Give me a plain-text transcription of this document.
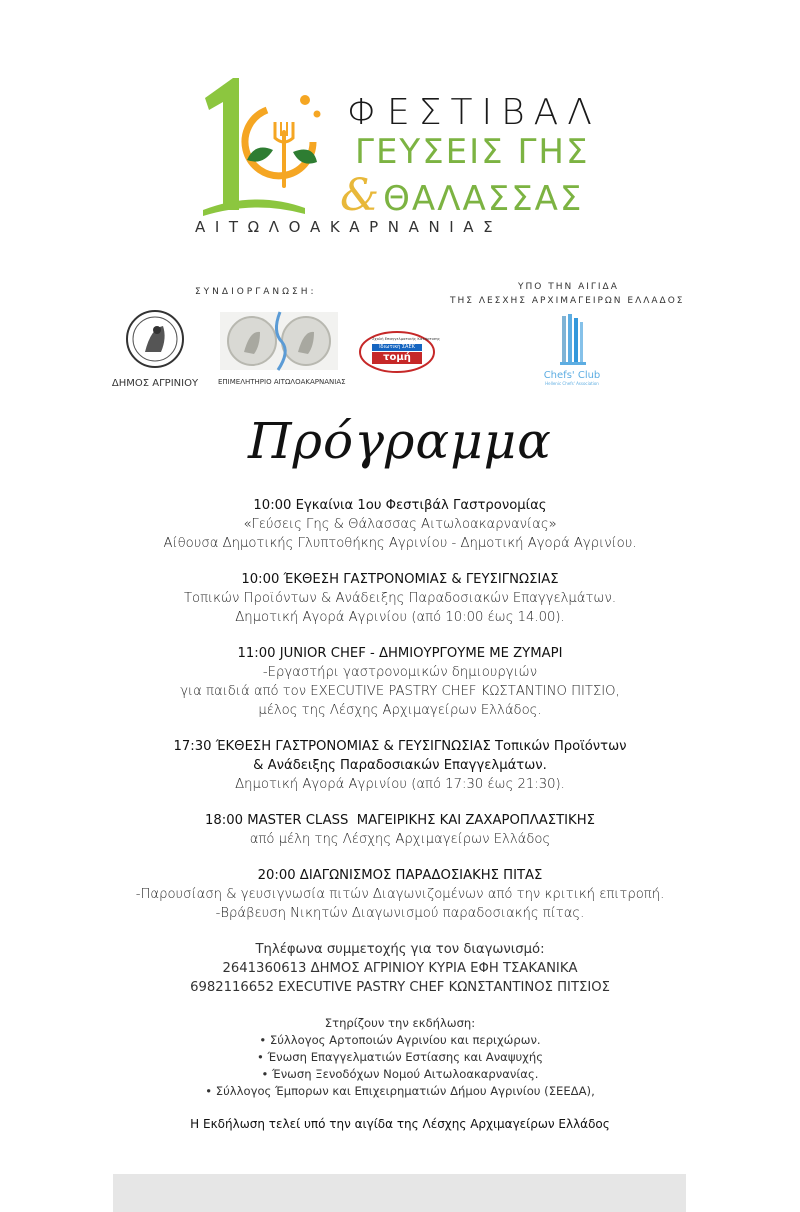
ΦΕΣΤΙΒΑΛ
ΓΕΥΣΕΙΣ ΓΗΣ
&ΘΑΛΑΣΣΑΣ
ΑΙΤΩΛΟΑΚΑΡΝΑΝΙΑΣ
ΣΥΝΔΙΟΡΓΑΝΩΣΗ:	ΥΠΟ ΤΗΝ ΑΙΓΙΔΑ
ΤΗΣ ΛΕΣΧΗΣ ΑΡΧΙΜΑΓΕΙΡΩΝ ΕΛΛΑΔΟΣ
ΔΗΜΟΣ ΑΓΡΙΝΙΟΥ	ΕΠΙΜΕΛΗΤΗΡΙΟ ΑΙΤΩΛΟΑΚΑΡΝΑΝΙΑΣ
Σχολή Επαγγελματικής Κατάρτισης
Ιδιωτική ΣΑΕΚ
τομή
Chefs' Club
Hellenic Chefs' Association
Πρόγραμμα
10:00 Εγκαίνια 1ου Φεστιβάλ Γαστρονομίας
«Γεύσεις Γης & Θάλασσας Αιτωλοακαρνανίας»
Αίθουσα Δημοτικής Γλυπτοθήκης Αγρινίου - Δημοτική Αγορά Αγρινίου.
10:00 ΈΚΘΕΣΗ ΓΑΣΤΡΟΝΟΜΙΑΣ & ΓΕΥΣΙΓΝΩΣΙΑΣ
Τοπικών Προϊόντων & Ανάδειξης Παραδοσιακών Επαγγελμάτων.
Δημοτική Αγορά Αγρινίου (από 10:00 έως 14.00).
11:00 JUNIOR CHEF - ΔΗΜΙΟΥΡΓΟΥΜΕ ΜΕ ΖΥΜΑΡΙ
-Εργαστήρι γαστρονομικών δημιουργιών
για παιδιά από τον EXECUTIVE PASTRY CHEF ΚΩΣΤΑΝΤΙΝΟ ΠΙΤΣΙΟ,
μέλος της Λέσχης Αρχιμαγείρων Ελλάδος.
17:30 ΈΚΘΕΣΗ ΓΑΣΤΡΟΝΟΜΙΑΣ & ΓΕΥΣΙΓΝΩΣΙΑΣ Τοπικών Προϊόντων
& Ανάδειξης Παραδοσιακών Επαγγελμάτων.
Δημοτική Αγορά Αγρινίου (από 17:30 έως 21:30).
18:00 MASTER CLASS  ΜΑΓΕΙΡΙΚΗΣ ΚΑΙ ΖΑΧΑΡΟΠΛΑΣΤΙΚΗΣ
από μέλη της Λέσχης Αρχιμαγείρων Ελλάδος
20:00 ΔΙΑΓΩΝΙΣΜΟΣ ΠΑΡΑΔΟΣΙΑΚΗΣ ΠΙΤΑΣ
-Παρουσίαση & γευσιγνωσία πιτών Διαγωνιζομένων από την κριτική επιτροπή.
-Βράβευση Νικητών Διαγωνισμού παραδοσιακής πίτας.
Τηλέφωνα συμμετοχής για τον διαγωνισμό:
2641360613 ΔΗΜΟΣ ΑΓΡΙΝΙΟΥ ΚΥΡΙΑ ΕΦΗ ΤΣΑΚΑΝΙΚΑ
6982116652 EXECUTIVE PASTRY CHEF ΚΩΝΣΤΑΝΤΙΝΟΣ ΠΙΤΣΙΟΣ
Στηρίζουν την εκδήλωση:
• Σύλλογος Αρτοποιών Αγρινίου και περιχώρων.
• Ένωση Επαγγελματιών Εστίασης και Αναψυχής
• Ένωση Ξενοδόχων Νομού Αιτωλοακαρνανίας.
• Σύλλογος Έμπορων και Επιχειρηματιών Δήμου Αγρινίου (ΣΕΕΔΑ),
Η Εκδήλωση τελεί υπό την αιγίδα της Λέσχης Αρχιμαγείρων Ελλάδος
